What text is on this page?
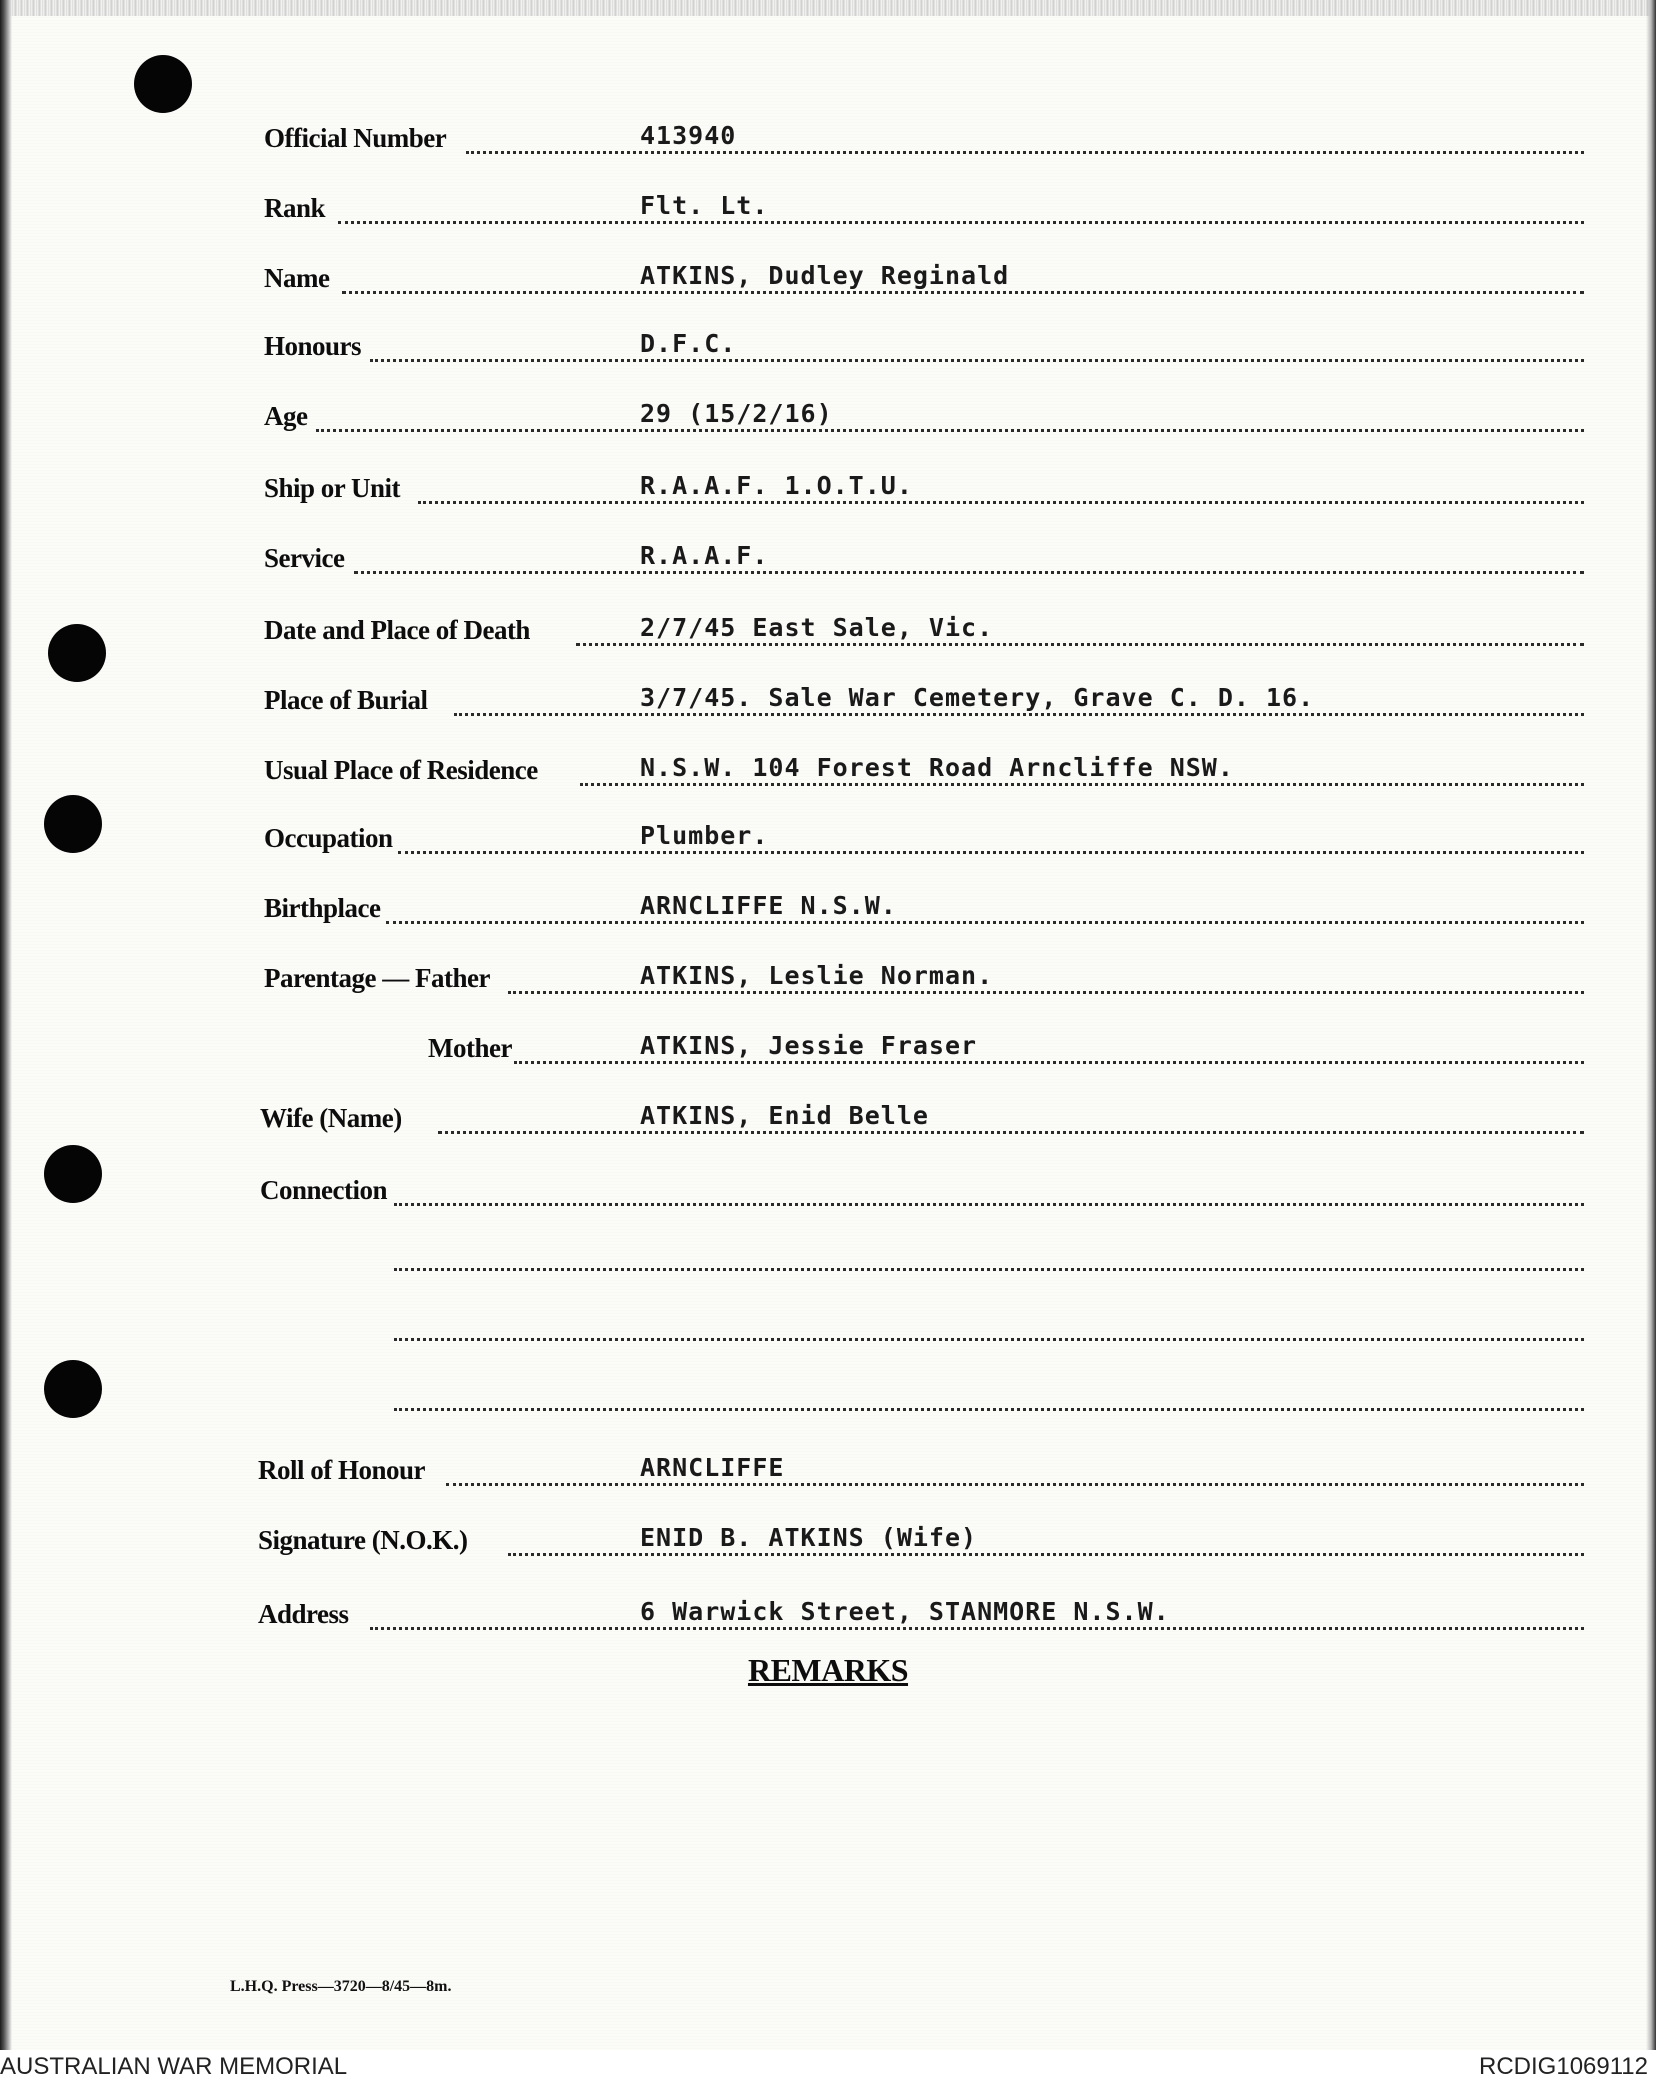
Official Number	413940
Rank	Flt. Lt.
Name	ATKINS, Dudley Reginald
Honours	D.F.C.
Age	29 (15/2/16)
Ship or Unit	R.A.A.F. 1.O.T.U.
Service	R.A.A.F.
Date and Place of Death	2/7/45 East Sale, Vic.
Place of Burial	3/7/45. Sale War Cemetery, Grave C. D. 16.
Usual Place of Residence	N.S.W. 104 Forest Road Arncliffe NSW.
Occupation	Plumber.
Birthplace	ARNCLIFFE N.S.W.
Parentage — Father	ATKINS, Leslie Norman.
Mother	ATKINS, Jessie Fraser
Wife (Name)	ATKINS, Enid Belle
Connection
Roll of Honour	ARNCLIFFE
Signature (N.O.K.)	ENID B. ATKINS (Wife)
Address	6 Warwick Street, STANMORE N.S.W.
REMARKS
L.H.Q. Press—3720—8/45—8m.
AUSTRALIAN WAR MEMORIAL	RCDIG1069112
